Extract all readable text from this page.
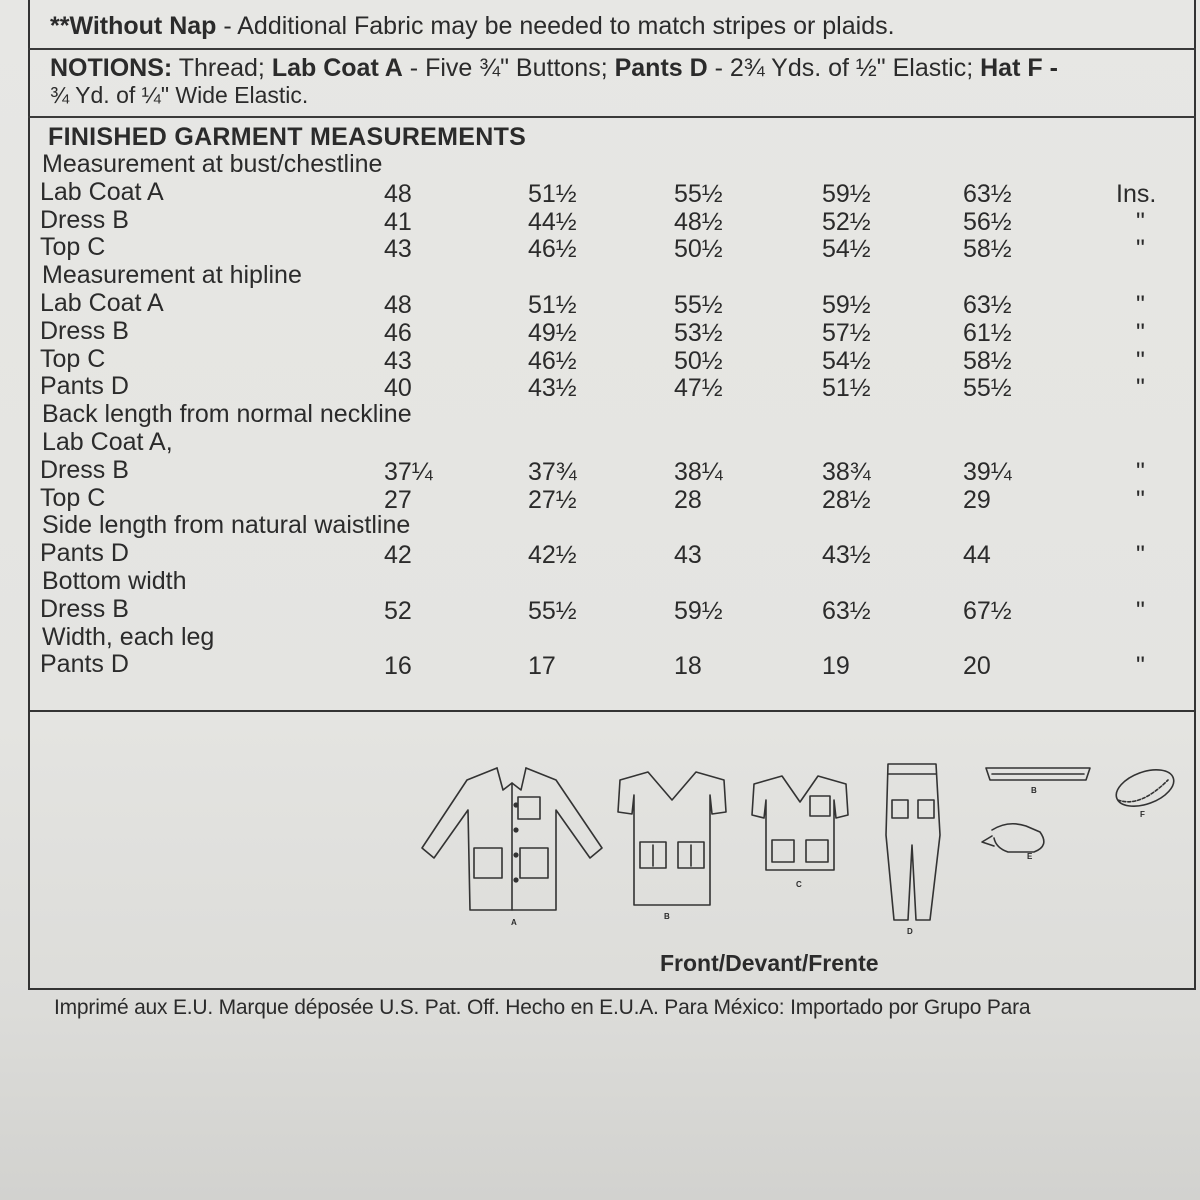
**Without Nap - Additional Fabric may be needed to match stripes or plaids.
NOTIONS: Thread; Lab Coat A - Five ¾" Buttons; Pants D - 2¾ Yds. of ½" Elastic; Hat F -
¾ Yd. of ¼" Wide Elastic.
FINISHED GARMENT MEASUREMENTS
Measurement at bust/chestline
Lab Coat A	48	51½	55½	59½	63½	Ins.
Dress B	41	44½	48½	52½	56½	"
Top C	43	46½	50½	54½	58½	"
Measurement at hipline
Lab Coat A	48	51½	55½	59½	63½	"
Dress B	46	49½	53½	57½	61½	"
Top C	43	46½	50½	54½	58½	"
Pants D	40	43½	47½	51½	55½	"
Back length from normal neckline
Lab Coat A,
Dress B	37¼	37¾	38¼	38¾	39¼	"
Top C	27	27½	28	28½	29	"
Side length from natural waistline
Pants D	42	42½	43	43½	44	"
Bottom width
Dress B	52	55½	59½	63½	67½	"
Width, each leg
Pants D	16	17	18	19	20	"
A
B
C
D
B
E
F
Front/Devant/Frente
Imprimé aux E.U. Marque déposée U.S. Pat. Off. Hecho en E.U.A. Para México: Importado por Grupo Para
